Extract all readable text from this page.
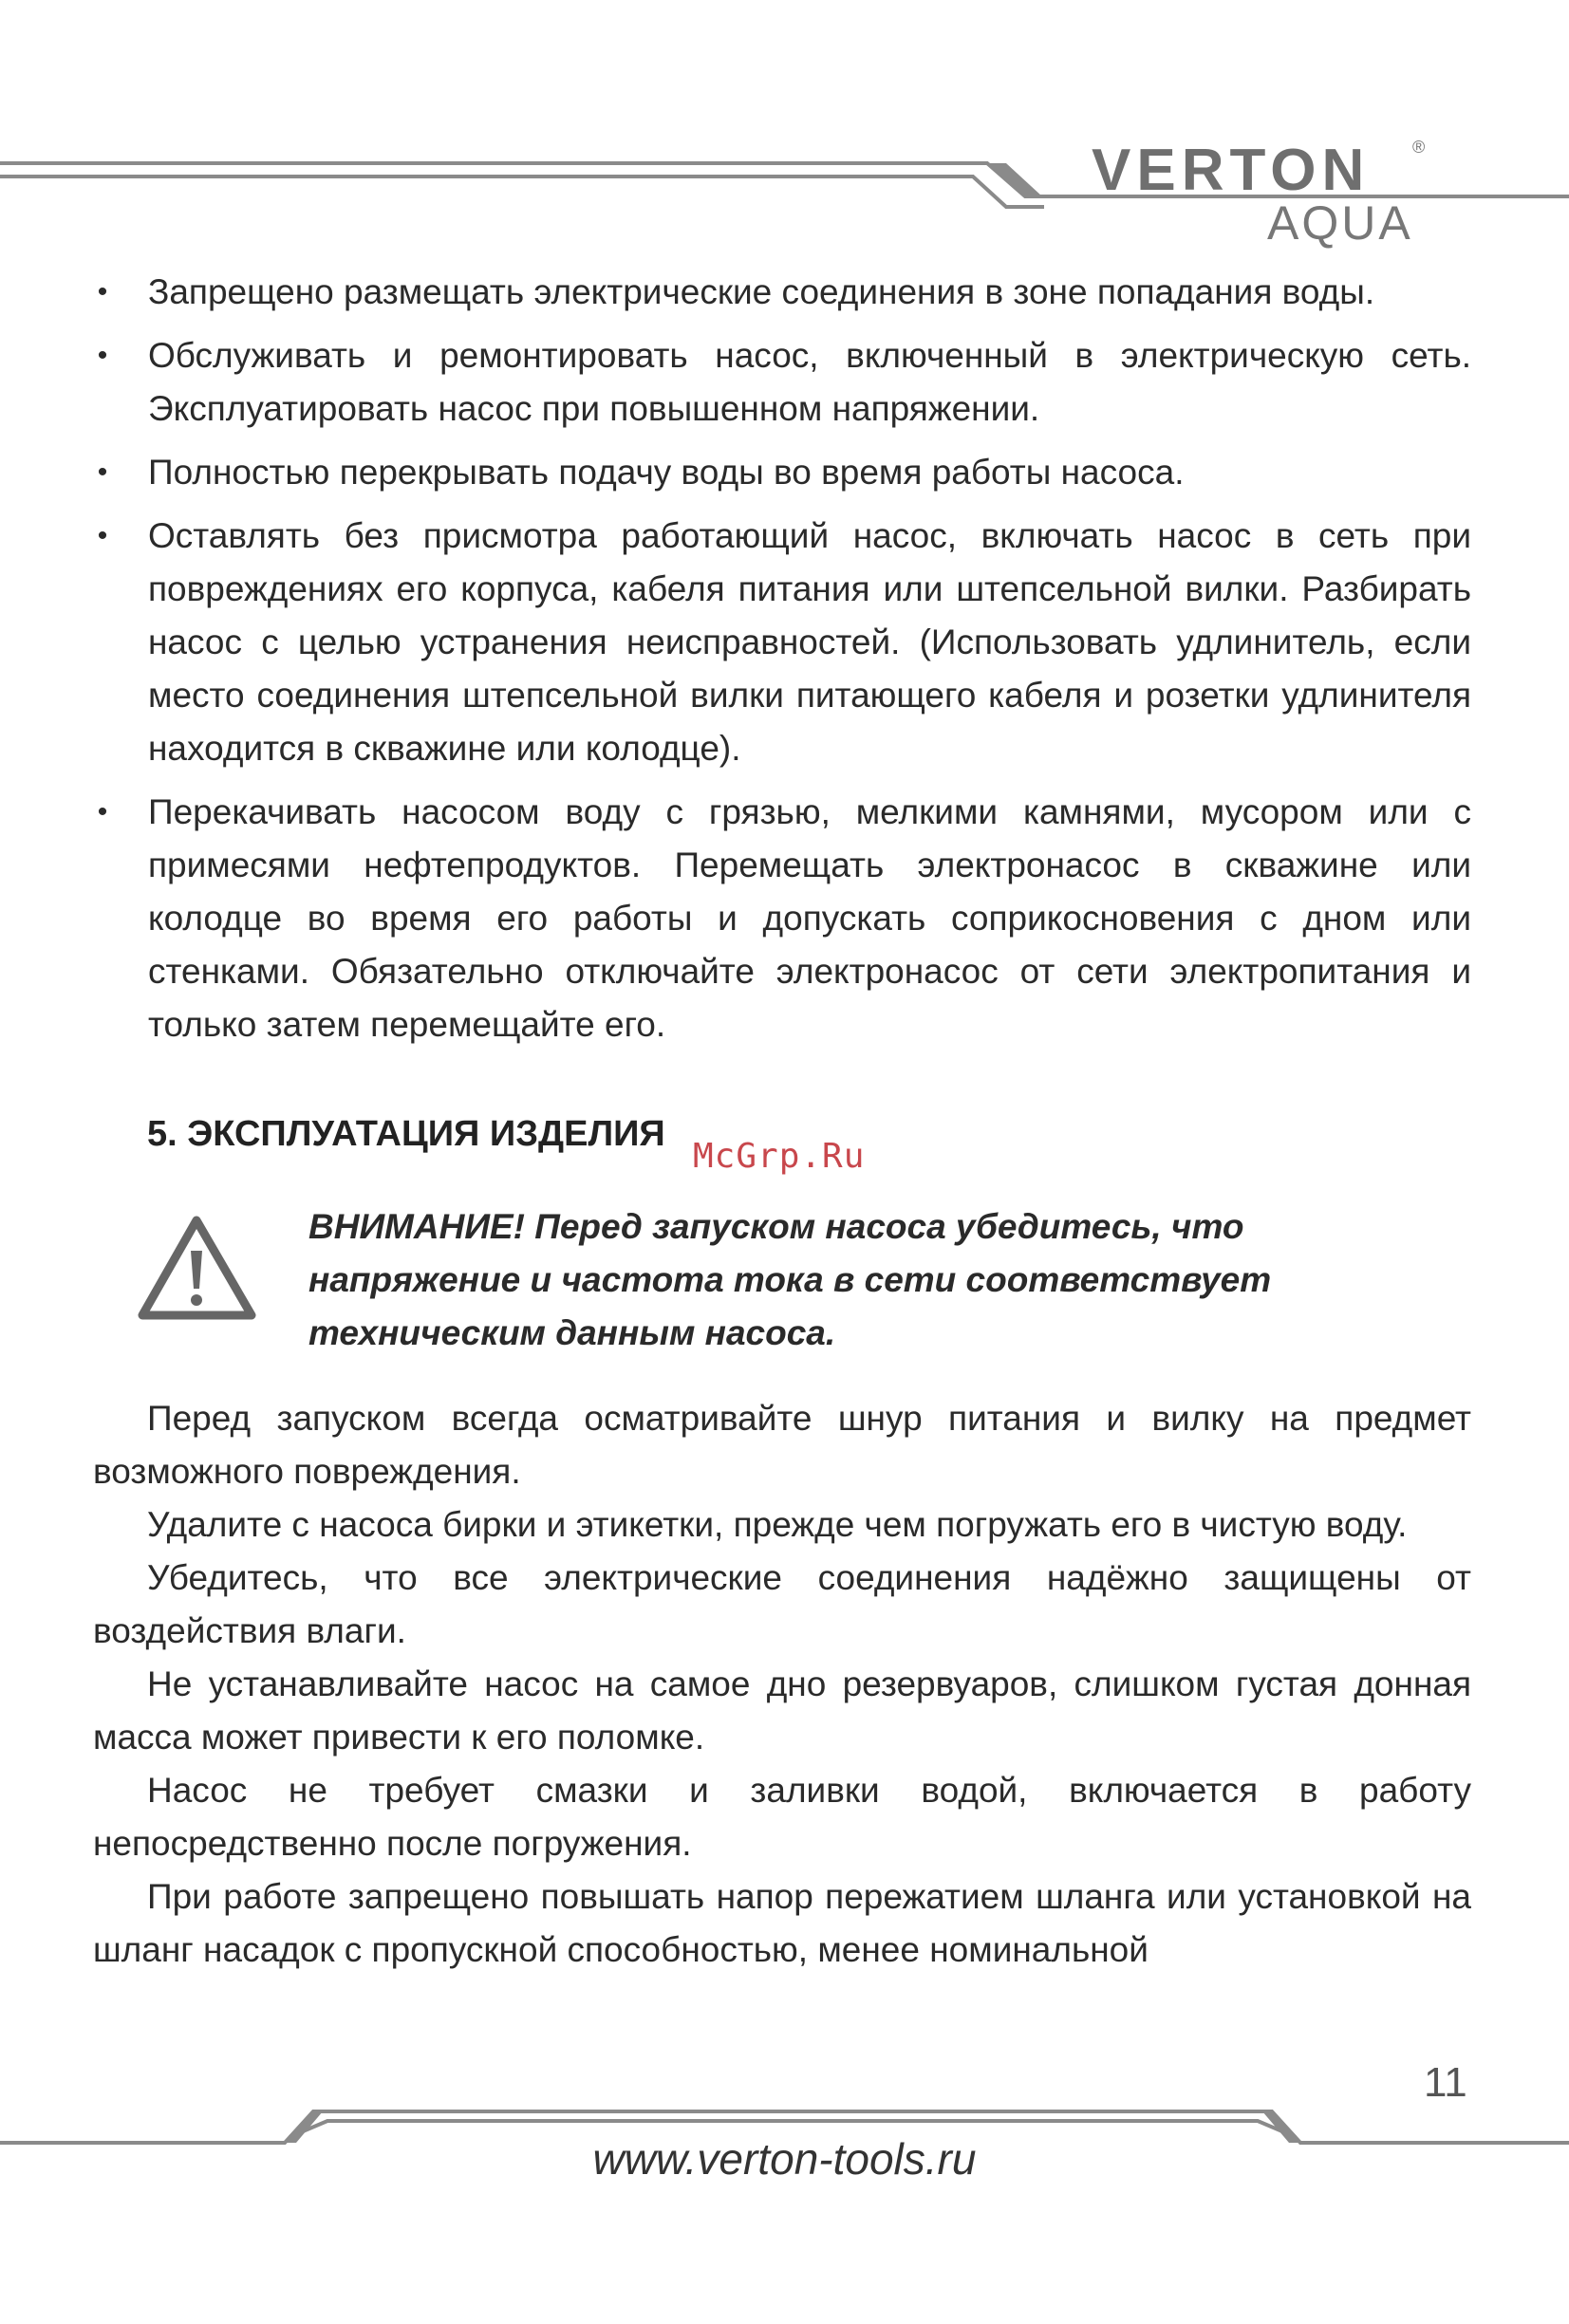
VERTON ®
AQUA
• Запрещено размещать электрические соединения в зоне попадания воды.
• Обслуживать и ремонтировать насос, включенный в электрическую сеть. Эксплуатировать насос при повышенном напряжении.
• Полностью перекрывать подачу воды во время работы насоса.
• Оставлять без присмотра работающий насос, включать насос в сеть при повреждениях его корпуса, кабеля питания или штепсельной вилки. Разбирать насос с целью устранения неисправностей. (Использовать удлинитель, если место соединения штепсельной вилки питающего кабеля и розетки удлинителя находится в скважине или колодце).
• Перекачивать насосом воду с грязью, мелкими камнями, мусором или с примесями нефтепродуктов. Перемещать электронасос в скважине или колодце во время его работы и допускать соприкосновения с дном или стенками. Обязательно отключайте электронасос от сети электропитания и только затем перемещайте его.
5. ЭКСПЛУАТАЦИЯ ИЗДЕЛИЯ
McGrp.Ru
ВНИМАНИЕ! Перед запуском насоса убедитесь, что напряжение и частота тока в сети соответствует техническим данным насоса.

Перед запуском всегда осматривайте шнур питания и вилку на предмет возможного повреждения.

Удалите с насоса бирки и этикетки, прежде чем погружать его в чистую воду.

Убедитесь, что все электрические соединения надёжно защищены от воздействия влаги.

Не устанавливайте насос на самое дно резервуаров, слишком густая донная масса может привести к его поломке.

Насос не требует смазки и заливки водой, включается в работу непосредственно после погружения.

При работе запрещено повышать напор пережатием шланга или установкой на шланг насадок с пропускной способностью, менее номинальной

11
www.verton-tools.ru
